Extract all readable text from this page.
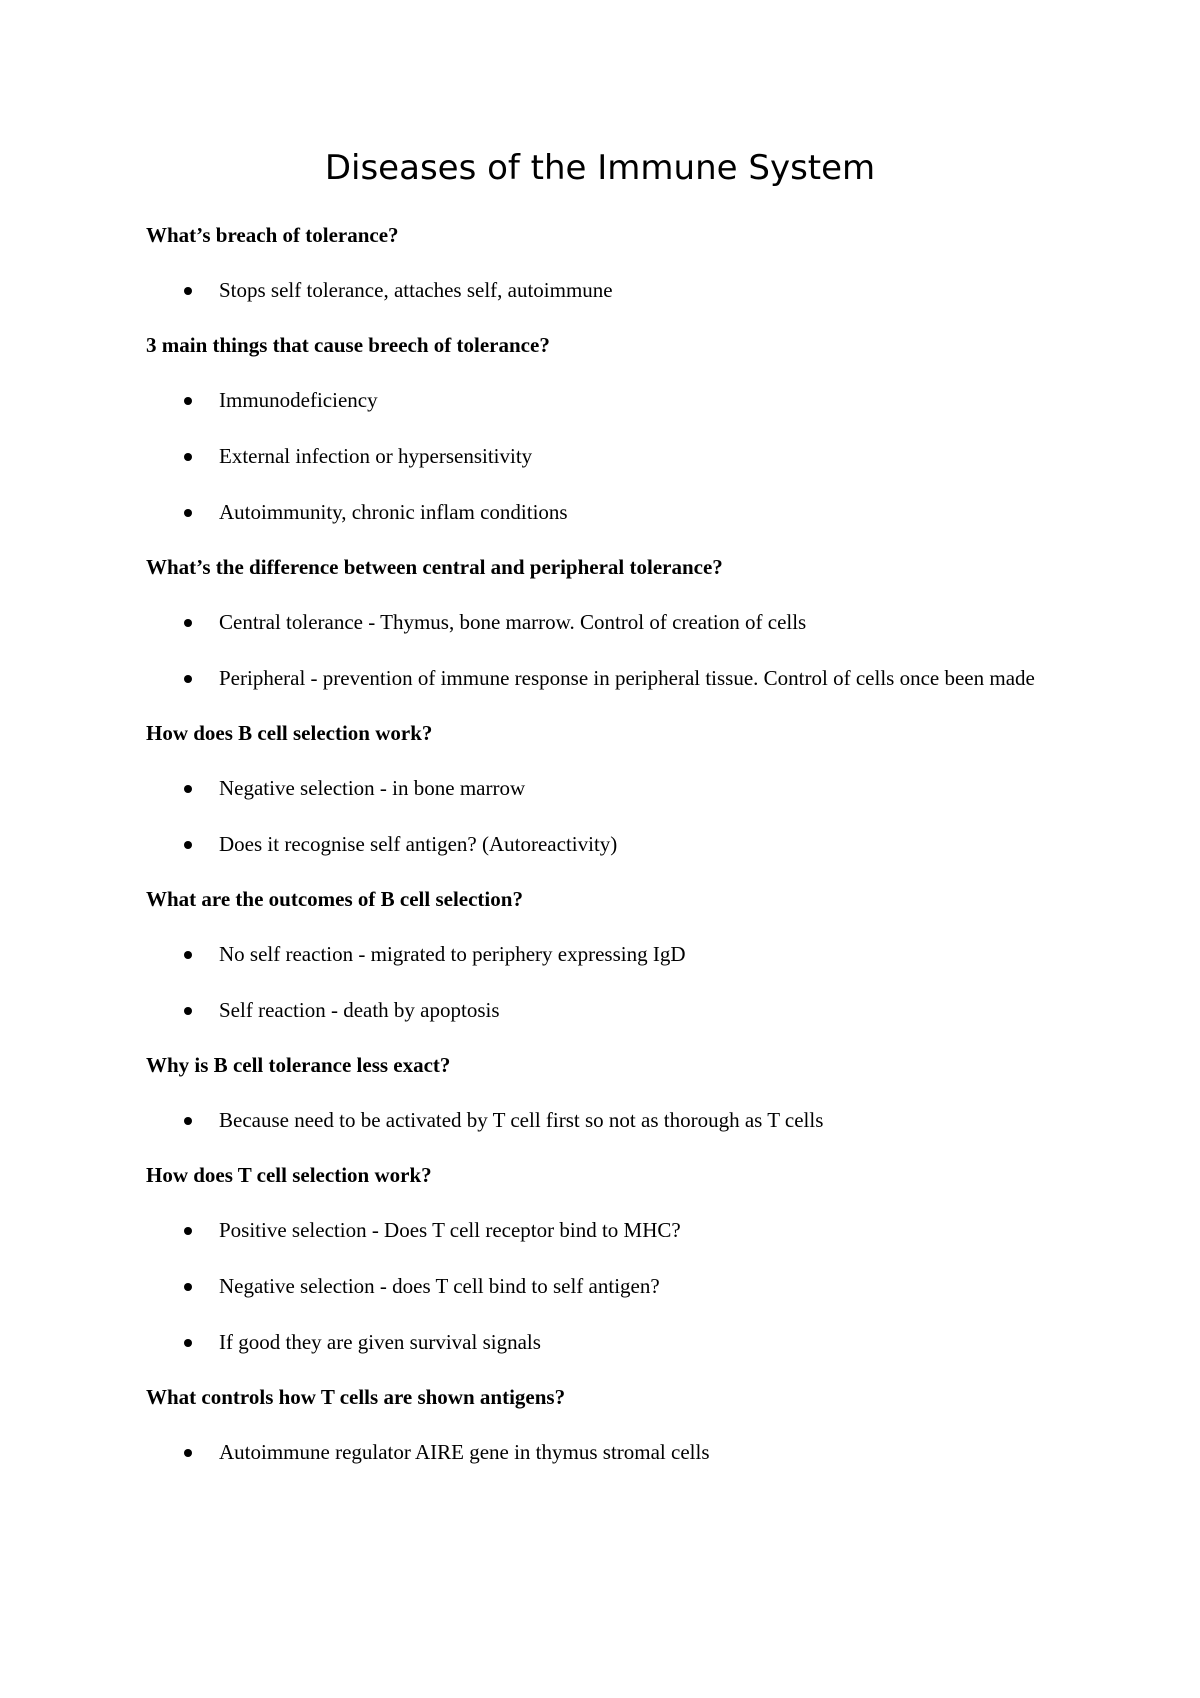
Diseases of the Immune System

What’s breach of tolerance?

Stops self tolerance, attaches self, autoimmune

3 main things that cause breech of tolerance?

Immunodeficiency
External infection or hypersensitivity
Autoimmunity, chronic inflam conditions

What’s the difference between central and peripheral tolerance?

Central tolerance - Thymus, bone marrow. Control of creation of cells
Peripheral - prevention of immune response in peripheral tissue. Control of cells once been made

How does B cell selection work?

Negative selection - in bone marrow
Does it recognise self antigen? (Autoreactivity)

What are the outcomes of B cell selection?

No self reaction - migrated to periphery expressing IgD
Self reaction - death by apoptosis

Why is B cell tolerance less exact?

Because need to be activated by T cell first so not as thorough as T cells

How does T cell selection work?

Positive selection - Does T cell receptor bind to MHC?
Negative selection - does T cell bind to self antigen?
If good they are given survival signals

What controls how T cells are shown antigens?

Autoimmune regulator AIRE gene in thymus stromal cells
